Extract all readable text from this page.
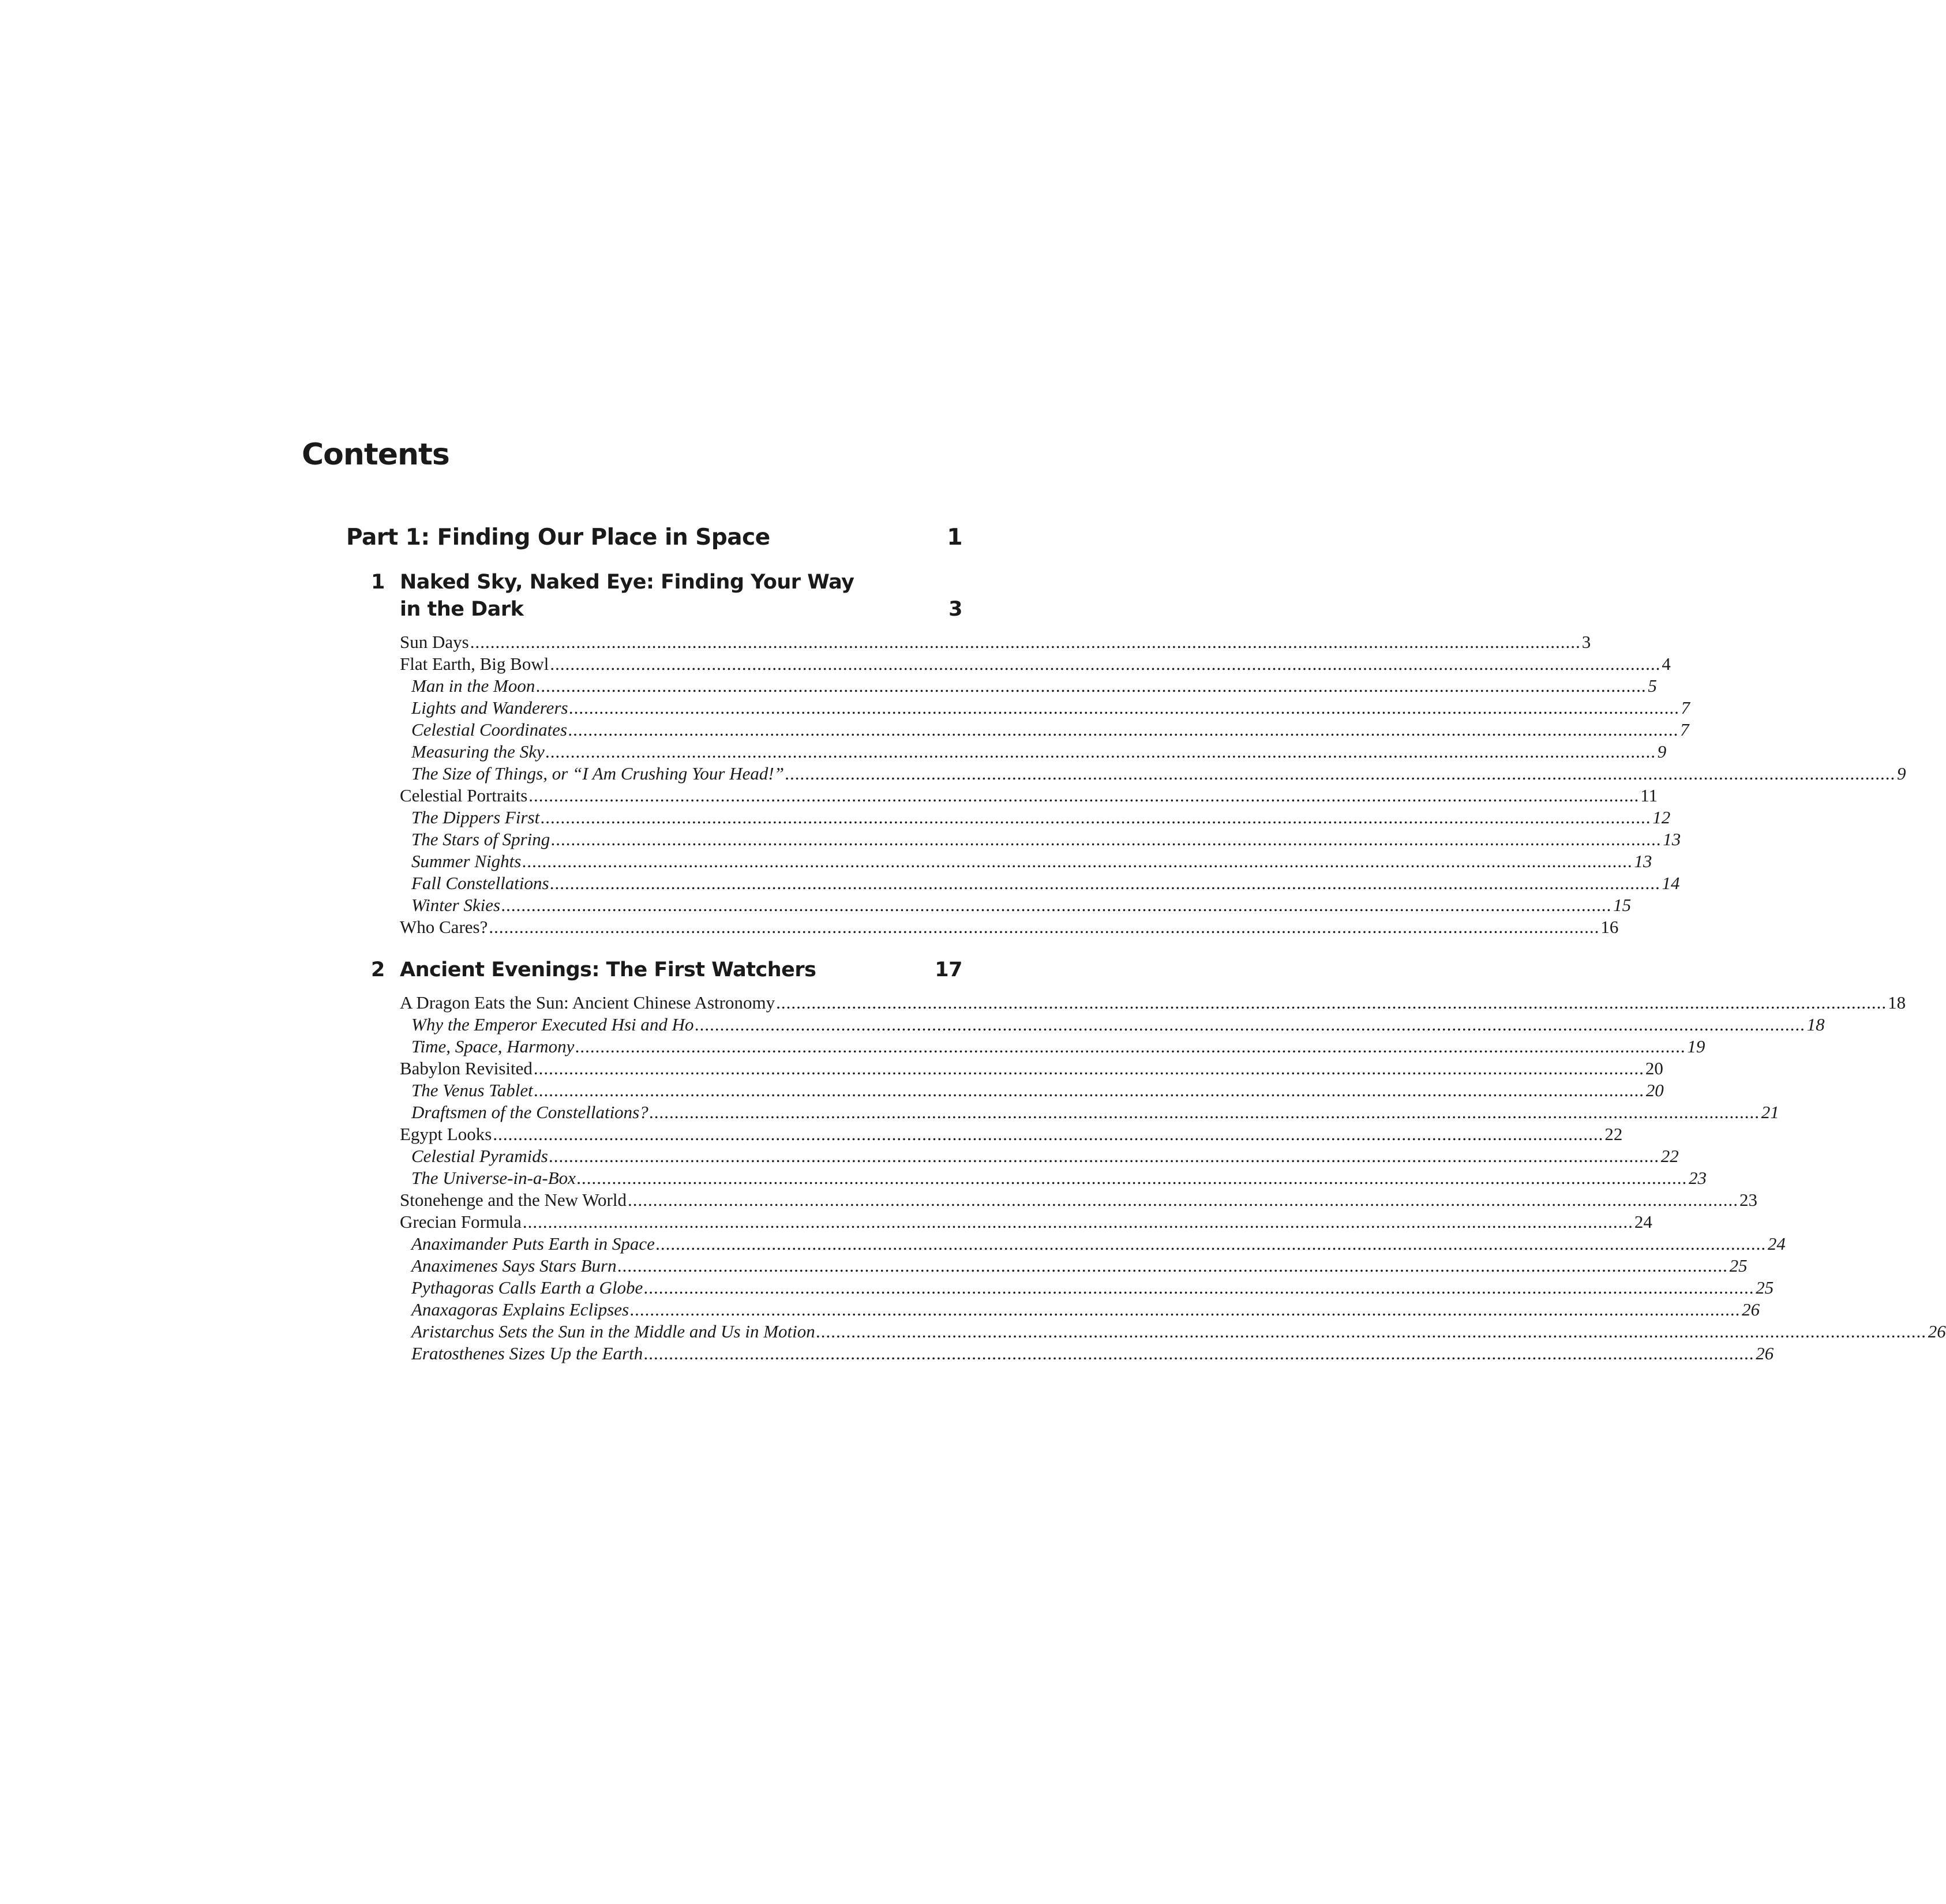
Contents
Part 1: Finding Our Place in Space	1
1 Naked Sky, Naked Eye: Finding Your Way
in the Dark	3
Sun Days ............................................................................................................................................................................................................................ 3
Flat Earth, Big Bowl ............................................................................................................................................................................................................................ 4
Man in the Moon ............................................................................................................................................................................................................................ 5
Lights and Wanderers ............................................................................................................................................................................................................................ 7
Celestial Coordinates ............................................................................................................................................................................................................................ 7
Measuring the Sky ............................................................................................................................................................................................................................ 9
The Size of Things, or “I Am Crushing Your Head!” ............................................................................................................................................................................................................................ 9
Celestial Portraits ............................................................................................................................................................................................................................ 11
The Dippers First ............................................................................................................................................................................................................................ 12
The Stars of Spring ............................................................................................................................................................................................................................ 13
Summer Nights ............................................................................................................................................................................................................................ 13
Fall Constellations ............................................................................................................................................................................................................................ 14
Winter Skies ............................................................................................................................................................................................................................ 15
Who Cares? ............................................................................................................................................................................................................................ 16
2 Ancient Evenings: The First Watchers	17
A Dragon Eats the Sun: Ancient Chinese Astronomy ............................................................................................................................................................................................................................ 18
Why the Emperor Executed Hsi and Ho ............................................................................................................................................................................................................................ 18
Time, Space, Harmony ............................................................................................................................................................................................................................ 19
Babylon Revisited ............................................................................................................................................................................................................................ 20
The Venus Tablet ............................................................................................................................................................................................................................ 20
Draftsmen of the Constellations? ............................................................................................................................................................................................................................ 21
Egypt Looks ............................................................................................................................................................................................................................ 22
Celestial Pyramids ............................................................................................................................................................................................................................ 22
The Universe-in-a-Box ............................................................................................................................................................................................................................ 23
Stonehenge and the New World ............................................................................................................................................................................................................................ 23
Grecian Formula ............................................................................................................................................................................................................................ 24
Anaximander Puts Earth in Space ............................................................................................................................................................................................................................ 24
Anaximenes Says Stars Burn ............................................................................................................................................................................................................................ 25
Pythagoras Calls Earth a Globe ............................................................................................................................................................................................................................ 25
Anaxagoras Explains Eclipses ............................................................................................................................................................................................................................ 26
Aristarchus Sets the Sun in the Middle and Us in Motion ............................................................................................................................................................................................................................ 26
Eratosthenes Sizes Up the Earth ............................................................................................................................................................................................................................ 26
